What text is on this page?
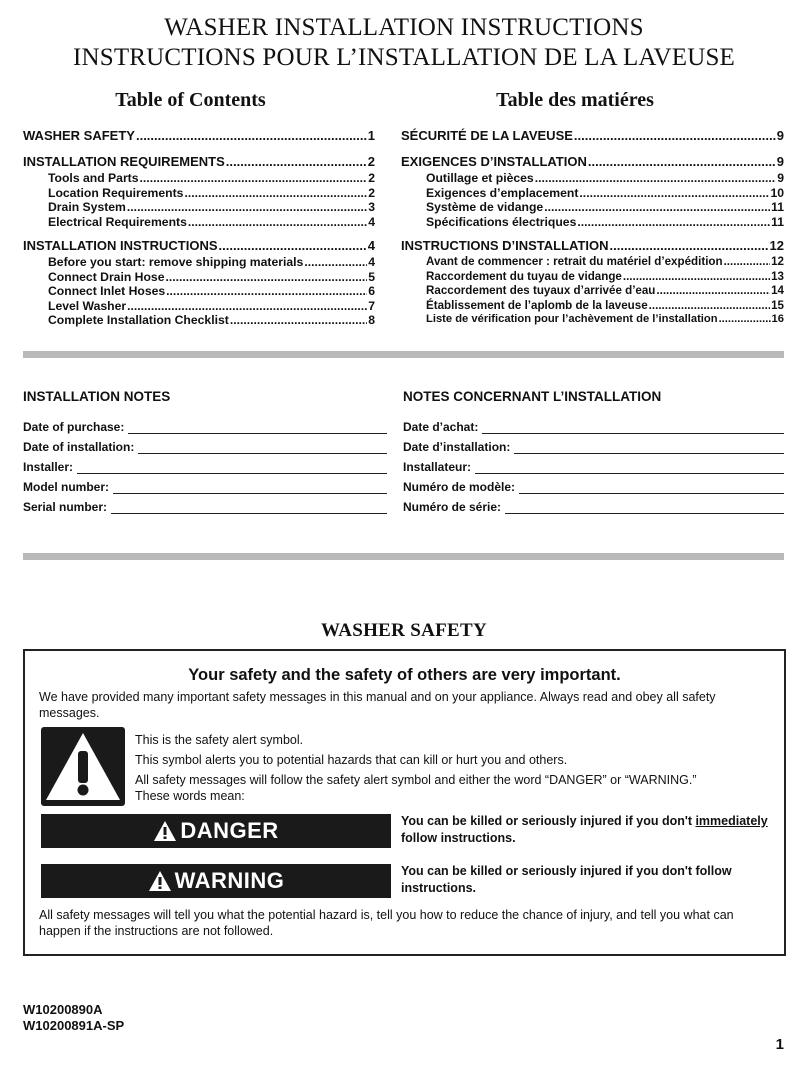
WASHER INSTALLATION INSTRUCTIONS
INSTRUCTIONS POUR L’INSTALLATION DE LA LAVEUSE
Table of Contents	Table des matiéres
WASHER SAFETY .....	1
INSTALLATION REQUIREMENTS .....	2
Tools and Parts .....	2
Location Requirements .....	2
Drain System .....	3
Electrical Requirements .....	4
INSTALLATION INSTRUCTIONS .....	4
Before you start: remove shipping materials .....	4
Connect Drain Hose .....	5
Connect Inlet Hoses .....	6
Level Washer .....	7
Complete Installation Checklist .....	8
SÉCURITÉ DE LA LAVEUSE .....	9
EXIGENCES D’INSTALLATION .....	9
Outillage et pièces .....	9
Exigences d’emplacement .....	10
Système de vidange .....	11
Spécifications électriques .....	11
INSTRUCTIONS D’INSTALLATION .....	12
Avant de commencer : retrait du matériel d’expédition .....	12
Raccordement du tuyau de vidange .....	13
Raccordement des tuyaux d’arrivée d’eau .....	14
Établissement de l’aplomb de la laveuse .....	15
Liste de vérification pour l’achèvement de l’installation .....	16
INSTALLATION NOTES	NOTES CONCERNANT L’INSTALLATION
Date of purchase:
Date of installation:
Installer:
Model number:
Serial number:
Date d’achat:
Date d’installation:
Installateur:
Numéro de modèle:
Numéro de série:
WASHER SAFETY
Your safety and the safety of others are very important.

We have provided many important safety messages in this manual and on your appliance. Always read and obey all safety messages.

This is the safety alert symbol.

This symbol alerts you to potential hazards that can kill or hurt you and others.

All safety messages will follow the safety alert symbol and either the word “DANGER” or “WARNING.”

These words mean:

DANGER	You can be killed or seriously injured if you don't immediately
follow instructions.
WARNING	You can be killed or seriously injured if you don't follow instructions.

All safety messages will tell you what the potential hazard is, tell you how to reduce the chance of injury, and tell you what can happen if the instructions are not followed.

W10200890A
W10200891A-SP
1
